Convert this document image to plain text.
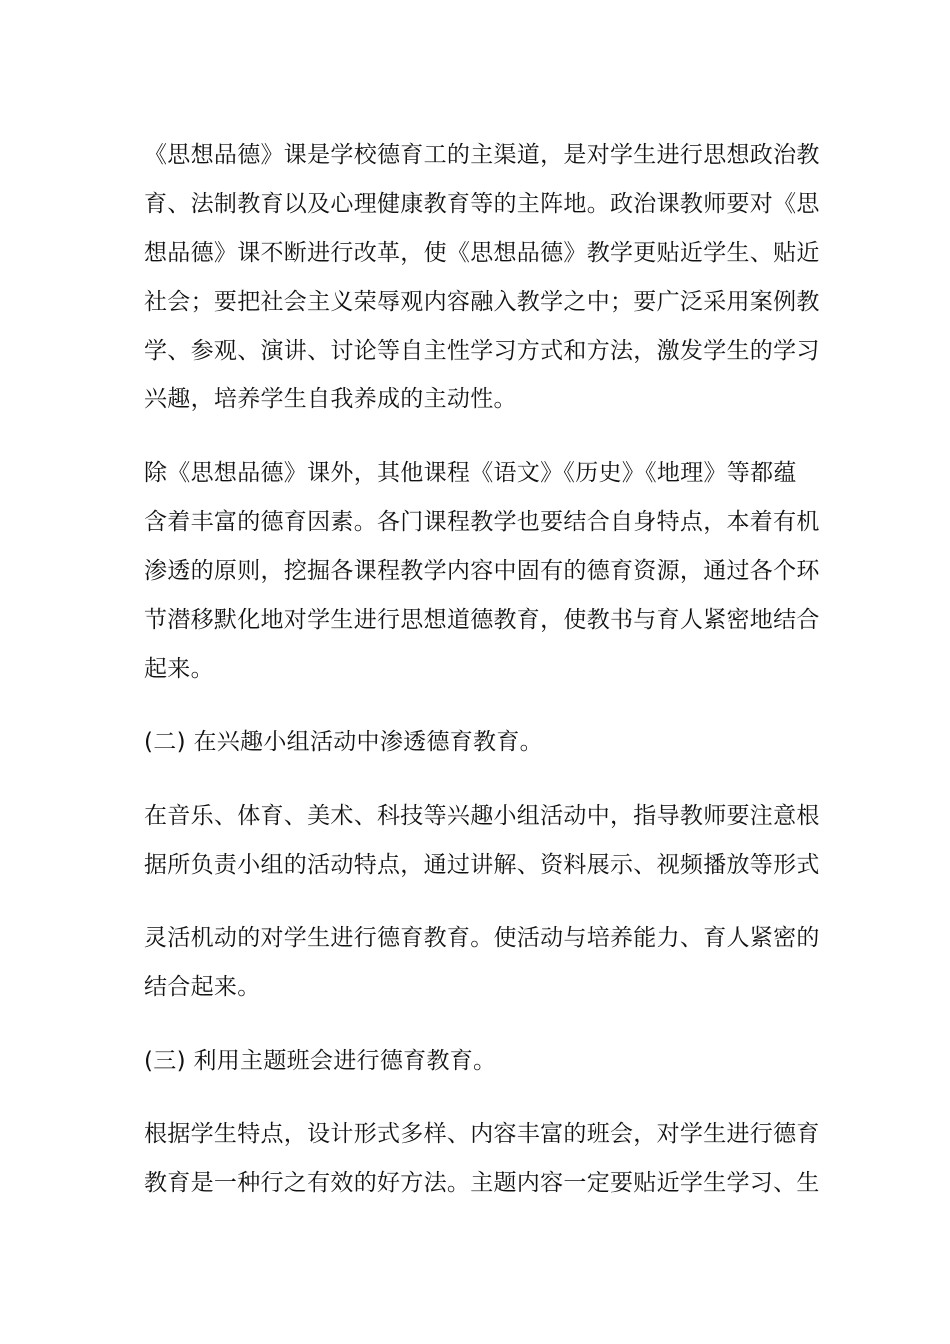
《思想品德》课是学校德育工的主渠道，是对学生进行思想政治教
育、法制教育以及心理健康教育等的主阵地。政治课教师要对《思
想品德》课不断进行改革，使《思想品德》教学更贴近学生、贴近
社会；要把社会主义荣辱观内容融入教学之中；要广泛采用案例教
学、参观、演讲、讨论等自主性学习方式和方法，激发学生的学习
兴趣，培养学生自我养成的主动性。
除《思想品德》课外，其他课程《语文》《历史》《地理》等都蕴
含着丰富的德育因素。各门课程教学也要结合自身特点，本着有机
渗透的原则，挖掘各课程教学内容中固有的德育资源，通过各个环
节潜移默化地对学生进行思想道德教育，使教书与育人紧密地结合
起来。
(二) 在兴趣小组活动中渗透德育教育。
在音乐、体育、美术、科技等兴趣小组活动中，指导教师要注意根
据所负责小组的活动特点，通过讲解、资料展示、视频播放等形式
灵活机动的对学生进行德育教育。使活动与培养能力、育人紧密的
结合起来。
(三) 利用主题班会进行德育教育。
根据学生特点，设计形式多样、内容丰富的班会，对学生进行德育
教育是一种行之有效的好方法。主题内容一定要贴近学生学习、生
